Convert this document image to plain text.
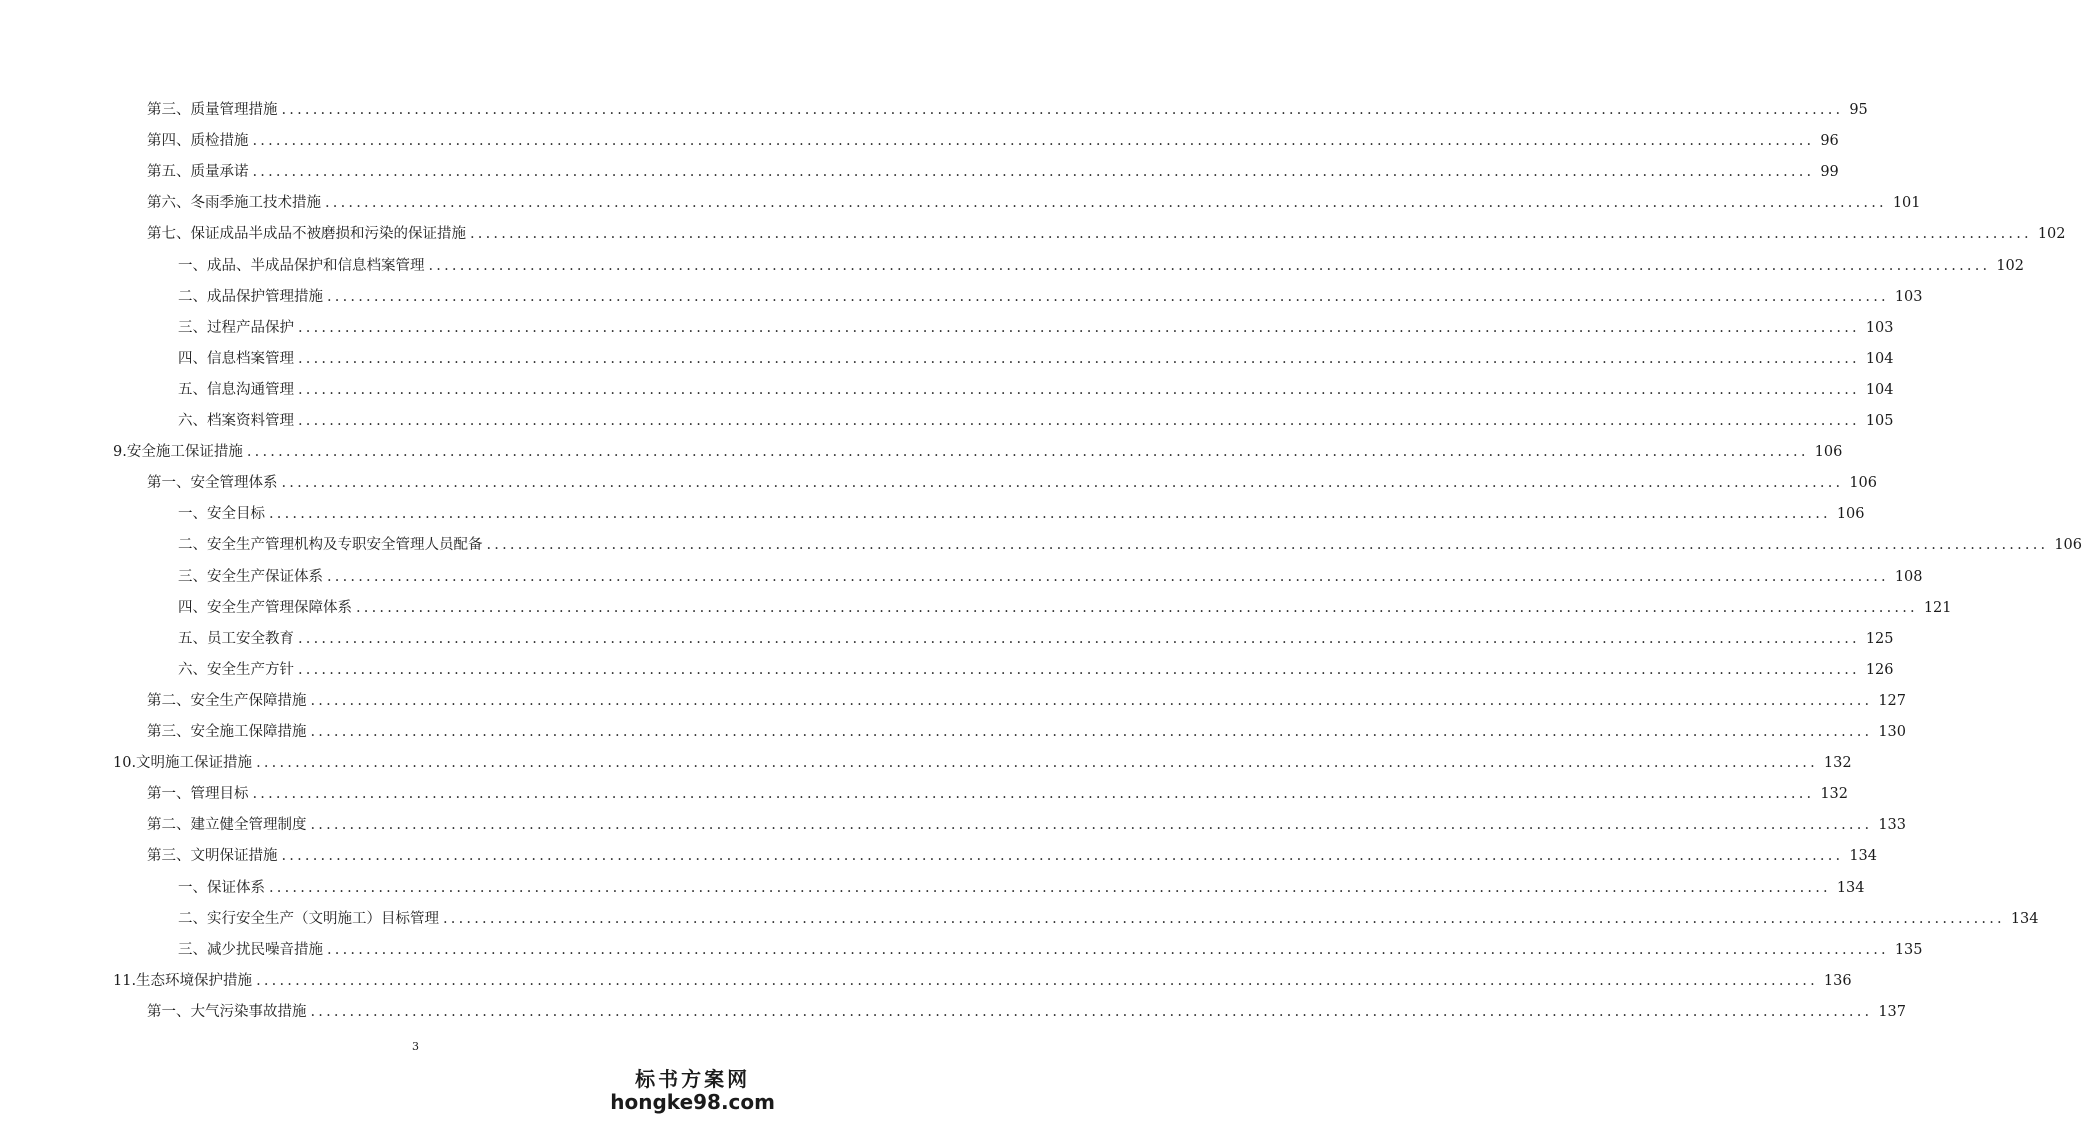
第三、质量管理措施 ........................................................................................................................................................................................................ 95
第四、质检措施 ........................................................................................................................................................................................................ 96
第五、质量承诺 ........................................................................................................................................................................................................ 99
第六、冬雨季施工技术措施 ........................................................................................................................................................................................................ 101
第七、保证成品半成品不被磨损和污染的保证措施 ........................................................................................................................................................................................................ 102
一、成品、半成品保护和信息档案管理 ........................................................................................................................................................................................................ 102
二、成品保护管理措施 ........................................................................................................................................................................................................ 103
三、过程产品保护 ........................................................................................................................................................................................................ 103
四、信息档案管理 ........................................................................................................................................................................................................ 104
五、信息沟通管理 ........................................................................................................................................................................................................ 104
六、档案资料管理 ........................................................................................................................................................................................................ 105
9.安全施工保证措施 ........................................................................................................................................................................................................ 106
第一、安全管理体系 ........................................................................................................................................................................................................ 106
一、安全目标 ........................................................................................................................................................................................................ 106
二、安全生产管理机构及专职安全管理人员配备 ........................................................................................................................................................................................................ 106
三、安全生产保证体系 ........................................................................................................................................................................................................ 108
四、安全生产管理保障体系 ........................................................................................................................................................................................................ 121
五、员工安全教育 ........................................................................................................................................................................................................ 125
六、安全生产方针 ........................................................................................................................................................................................................ 126
第二、安全生产保障措施 ........................................................................................................................................................................................................ 127
第三、安全施工保障措施 ........................................................................................................................................................................................................ 130
10.文明施工保证措施 ........................................................................................................................................................................................................ 132
第一、管理目标 ........................................................................................................................................................................................................ 132
第二、建立健全管理制度 ........................................................................................................................................................................................................ 133
第三、文明保证措施 ........................................................................................................................................................................................................ 134
一、保证体系 ........................................................................................................................................................................................................ 134
二、实行安全生产（文明施工）目标管理 ........................................................................................................................................................................................................ 134
三、减少扰民噪音措施 ........................................................................................................................................................................................................ 135
11.生态环境保护措施 ........................................................................................................................................................................................................ 136
第一、大气污染事故措施 ........................................................................................................................................................................................................ 137
3
标书方案网
hongke98.com
